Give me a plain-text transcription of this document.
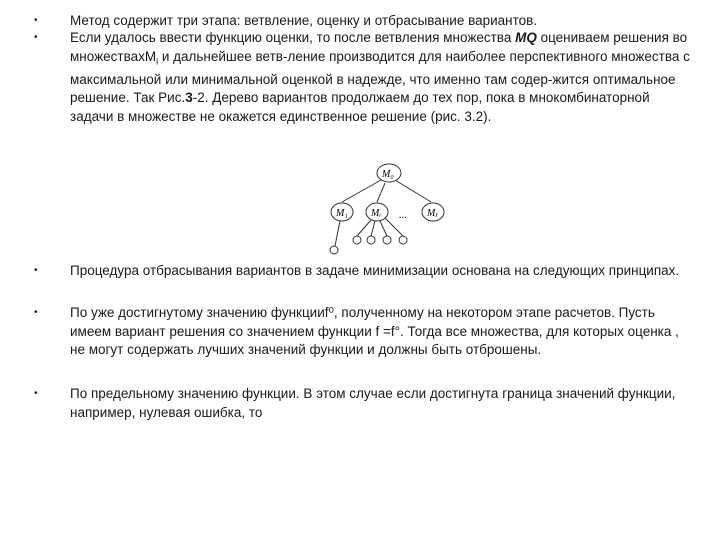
•	Метод содержит три этапа: ветвление, оценку и отбрасывание вариантов.
•	Если удалось ввести функцию оценки, то после ветвления множества MQ оцениваем решения во множествахM$_i$ и дальнейшее ветв-ление производится для наиболее перспективного множества с максимальной или минимальной оценкой в надежде, что именно там содер-жится оптимальное решение. Так Рис.3-2. Дерево вариантов продолжаем до тех пор, пока в мнокомбинаторной задачи в множестве не окажется единственное решение (рис. 3.2).
•	Процедура отбрасывания вариантов в задаче минимизации основана на следующих принципах.
•	По уже достигнутому значению функцииf⁰, полученному на некотором этапе расчетов. Пусть имеем вариант решения со значением функции f =f°. Тогда все множества, для которых оценка , не могут содержать лучших значений функции и должны быть отброшены.
•	По предельному значению функции. В этом случае если достигнута граница значений функции, например, нулевая ошибка, то
M₀
M₁ Mᵢ ... Mⱼ
